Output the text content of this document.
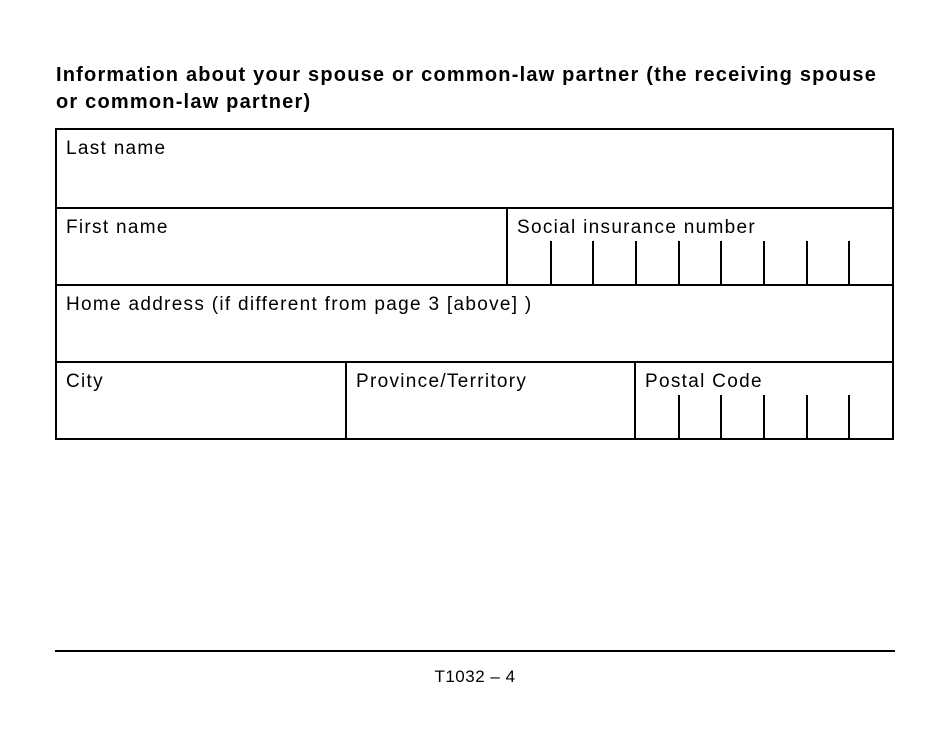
Information about your spouse or common-law partner (the receiving spouse or common-law partner)
Last name
First name	Social insurance number
Home address (if different from page 3 [above] )
City	Province/Territory	Postal Code
T1032 – 4
